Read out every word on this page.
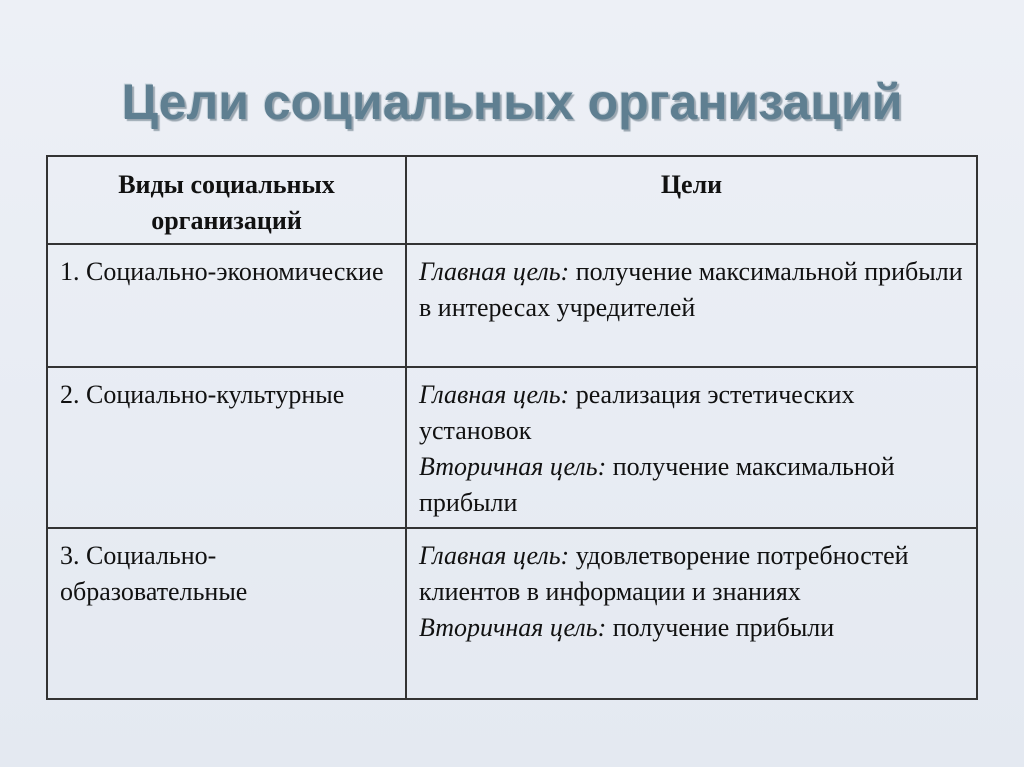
Цели социальных организаций
Виды социальных организаций	Цели
1. Социально-экономические	Главная цель: получение максимальной прибыли в интересах учредителей

2. Социально-культурные	Главная цель: реализация эстетических установок
Вторичная цель: получение максимальной прибыли

3. Социально-образовательные	Главная цель: удовлетворение потребностей клиентов в информации и знаниях
Вторичная цель: получение прибыли
